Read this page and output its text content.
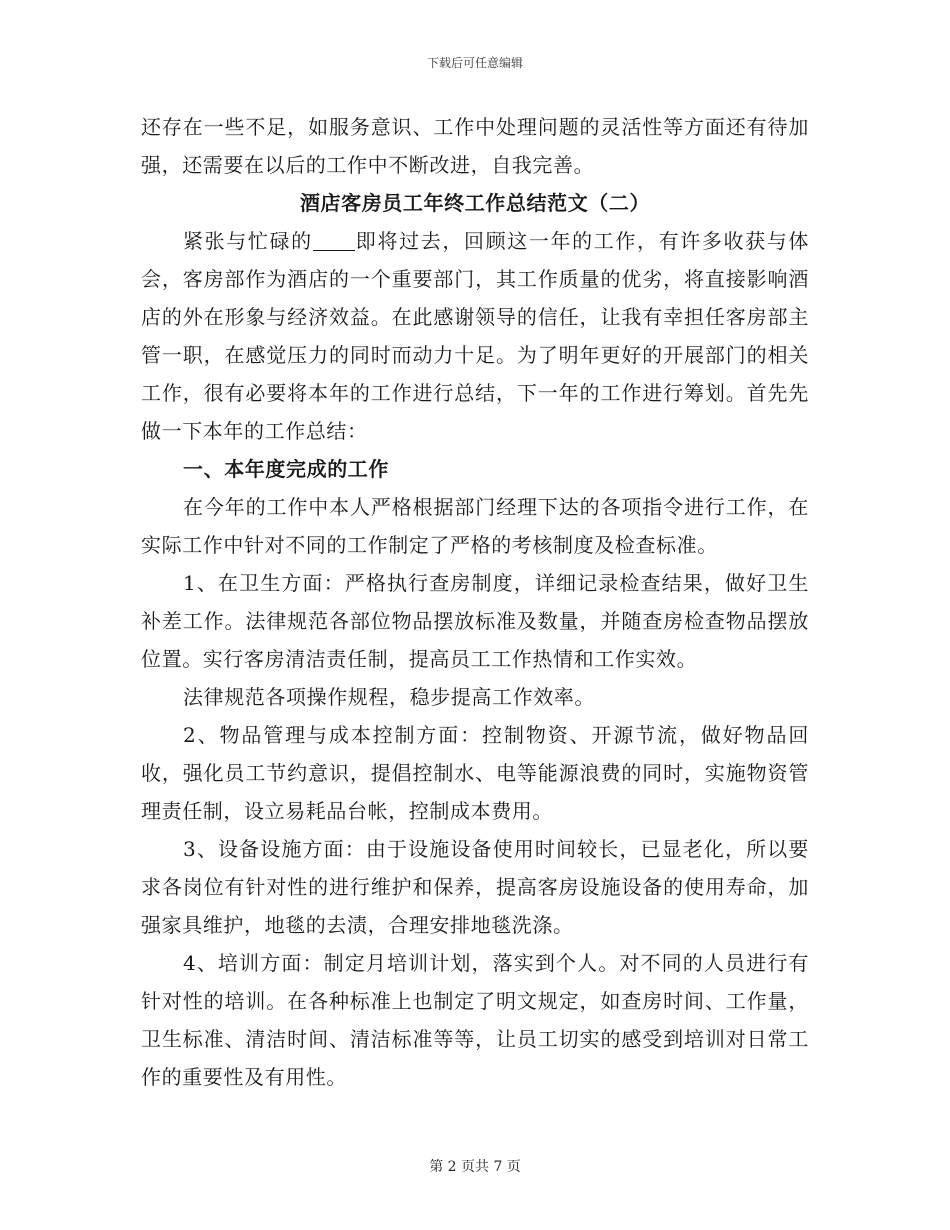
下载后可任意编辑

还存在一些不足，如服务意识、工作中处理问题的灵活性等方面还有待加强，还需要在以后的工作中不断改进，自我完善。

酒店客房员工年终工作总结范文（二）

紧张与忙碌的 即将过去，回顾这一年的工作，有许多收获与体会，客房部作为酒店的一个重要部门，其工作质量的优劣，将直接影响酒店的外在形象与经济效益。在此感谢领导的信任，让我有幸担任客房部主管一职，在感觉压力的同时而动力十足。为了明年更好的开展部门的相关工作，很有必要将本年的工作进行总结，下一年的工作进行筹划。首先先做一下本年的工作总结：

一、本年度完成的工作

在今年的工作中本人严格根据部门经理下达的各项指令进行工作，在实际工作中针对不同的工作制定了严格的考核制度及检查标准。

1、在卫生方面：严格执行查房制度，详细记录检查结果，做好卫生补差工作。法律规范各部位物品摆放标准及数量，并随查房检查物品摆放位置。实行客房清洁责任制，提高员工工作热情和工作实效。

法律规范各项操作规程，稳步提高工作效率。

2、物品管理与成本控制方面：控制物资、开源节流，做好物品回收，强化员工节约意识，提倡控制水、电等能源浪费的同时，实施物资管理责任制，设立易耗品台帐，控制成本费用。

3、设备设施方面：由于设施设备使用时间较长，已显老化，所以要求各岗位有针对性的进行维护和保养，提高客房设施设备的使用寿命，加强家具维护，地毯的去渍，合理安排地毯洗涤。

4、培训方面：制定月培训计划，落实到个人。对不同的人员进行有针对性的培训。在各种标准上也制定了明文规定，如查房时间、工作量，卫生标准、清洁时间、清洁标准等等，让员工切实的感受到培训对日常工作的重要性及有用性。

第 2 页共 7 页
